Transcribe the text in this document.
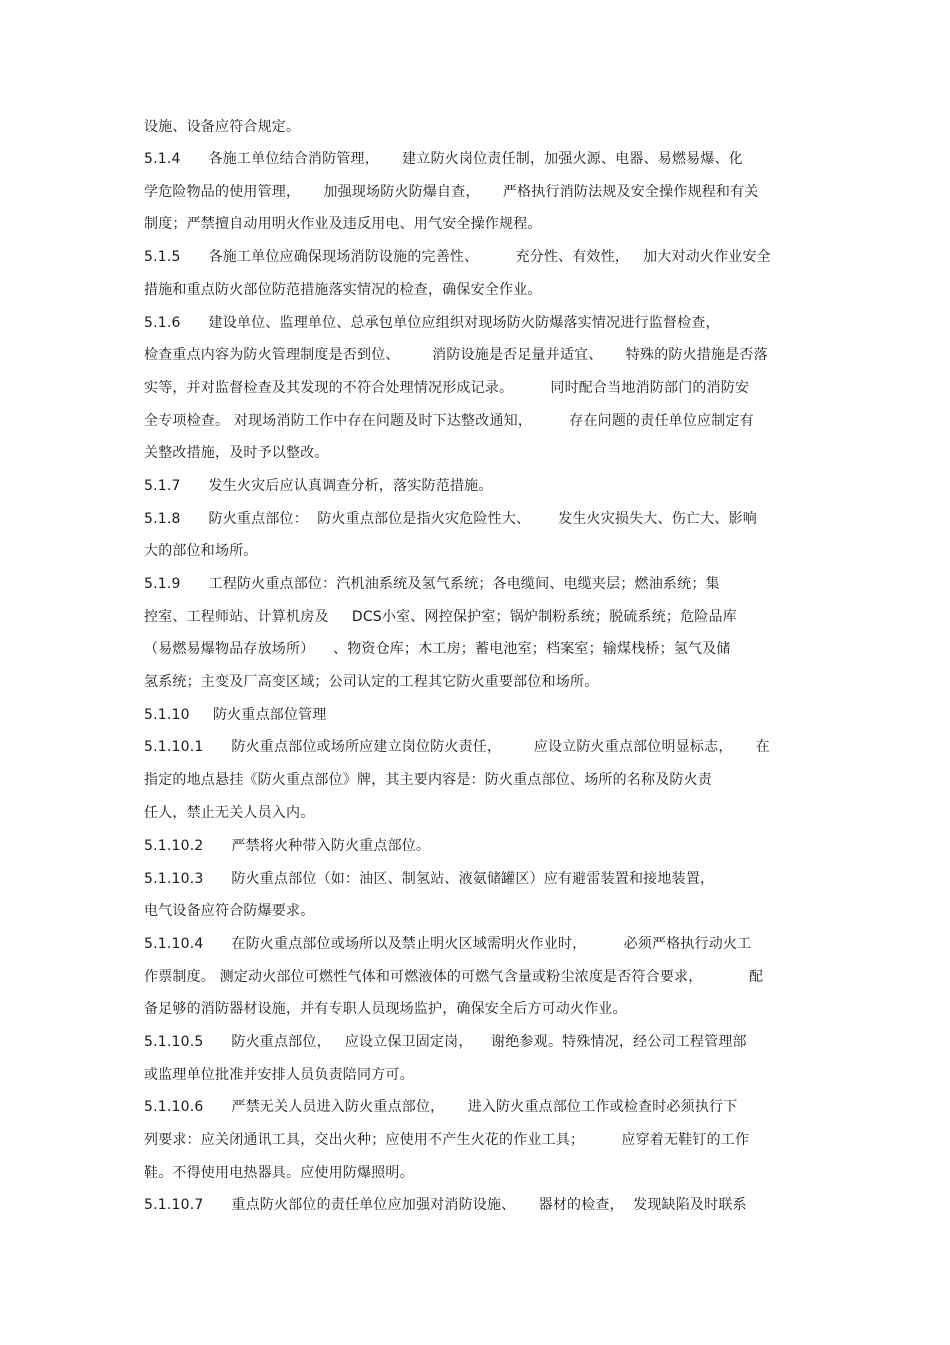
设施、设备应符合规定。
5.1.4      各施工单位结合消防管理，     建立防火岗位责任制，加强火源、电器、易燃易爆、化
学危险物品的使用管理，     加强现场防火防爆自查，     严格执行消防法规及安全操作规程和有关
制度；严禁擅自动用明火作业及违反用电、用气安全操作规程。
5.1.5      各施工单位应确保现场消防设施的完善性、        充分性、有效性，   加大对动火作业安全
措施和重点防火部位防范措施落实情况的检查，确保安全作业。
5.1.6      建设单位、监理单位、总承包单位应组织对现场防火防爆落实情况进行监督检查，
检查重点内容为防火管理制度是否到位、       消防设施是否足量并适宜、     特殊的防火措施是否落
实等，并对监督检查及其发现的不符合处理情况形成记录。        同时配合当地消防部门的消防安
全专项检查。 对现场消防工作中存在问题及时下达整改通知，        存在问题的责任单位应制定有
关整改措施，及时予以整改。
5.1.7      发生火灾后应认真调查分析，落实防范措施。
5.1.8      防火重点部位：  防火重点部位是指火灾危险性大、      发生火灾损失大、伤亡大、影响
大的部位和场所。
5.1.9      工程防火重点部位：汽机油系统及氢气系统；各电缆间、电缆夹层；燃油系统；集
控室、工程师站、计算机房及     DCS小室、网控保护室；锅炉制粉系统；脱硫系统；危险品库
（易燃易爆物品存放场所）    、物资仓库；木工房；蓄电池室；档案室；输煤栈桥；氢气及储
氢系统；主变及厂高变区域；公司认定的工程其它防火重要部位和场所。
5.1.10     防火重点部位管理
5.1.10.1      防火重点部位或场所应建立岗位防火责任，       应设立防火重点部位明显标志，     在
指定的地点悬挂《防火重点部位》牌，其主要内容是：防火重点部位、场所的名称及防火责
任人，禁止无关人员入内。
5.1.10.2      严禁将火种带入防火重点部位。
5.1.10.3      防火重点部位（如：油区、制氢站、液氨储罐区）应有避雷装置和接地装置，
电气设备应符合防爆要求。
5.1.10.4      在防火重点部位或场所以及禁止明火区域需明火作业时，        必须严格执行动火工
作票制度。 测定动火部位可燃性气体和可燃液体的可燃气含量或粉尘浓度是否符合要求，          配
备足够的消防器材设施，并有专职人员现场监护，确保安全后方可动火作业。
5.1.10.5      防火重点部位，   应设立保卫固定岗，    谢绝参观。特殊情况，经公司工程管理部
或监理单位批准并安排人员负责陪同方可。
5.1.10.6      严禁无关人员进入防火重点部位，     进入防火重点部位工作或检查时必须执行下
列要求：应关闭通讯工具，交出火种；应使用不产生火花的作业工具；        应穿着无鞋钉的工作
鞋。不得使用电热器具。应使用防爆照明。
5.1.10.7      重点防火部位的责任单位应加强对消防设施、     器材的检查，  发现缺陷及时联系
